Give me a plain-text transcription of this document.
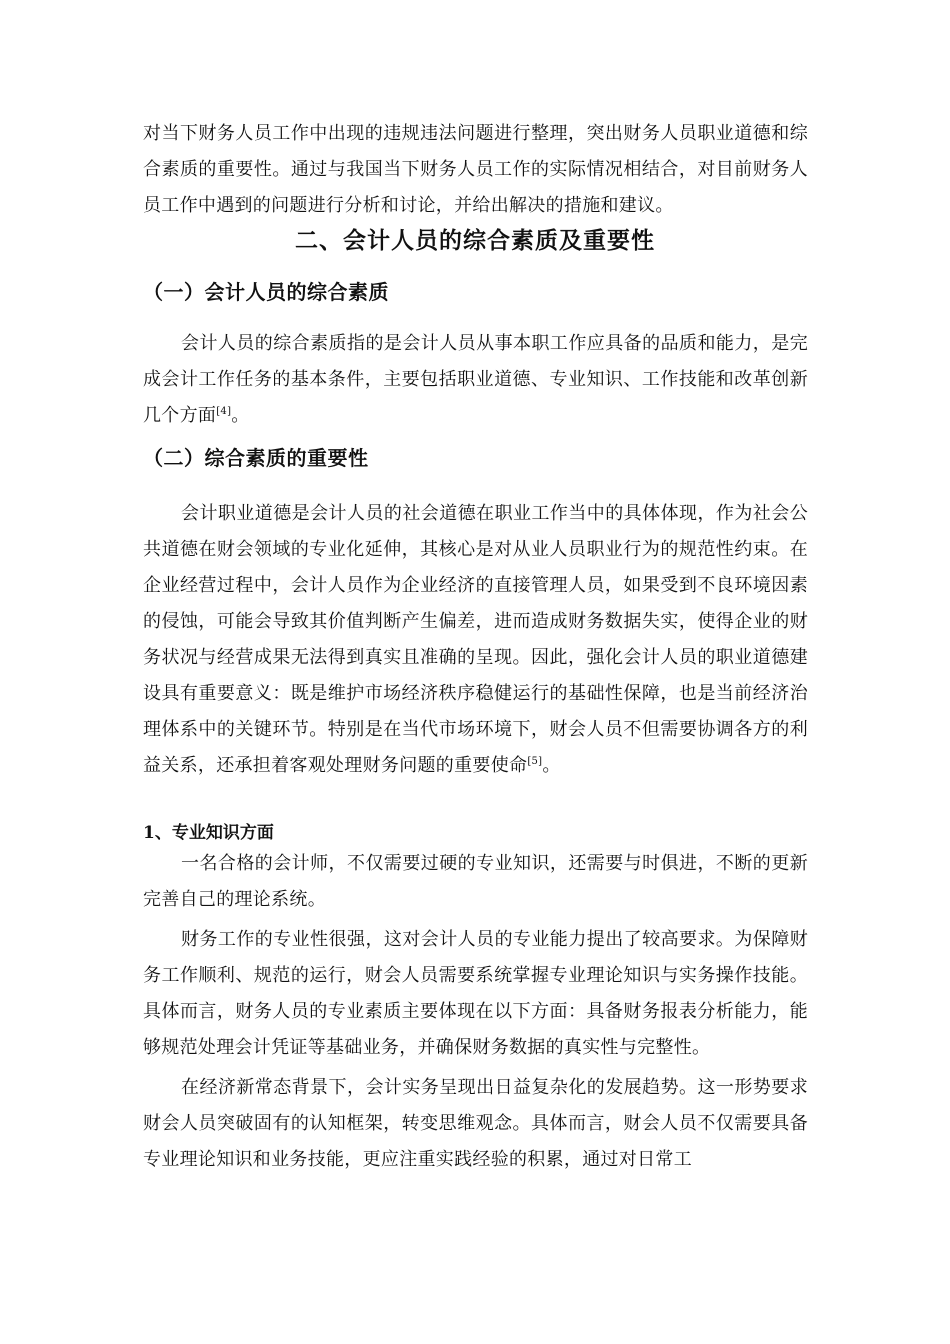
对当下财务人员工作中出现的违规违法问题进行整理，突出财务人员职业道德和综合素质的重要性。通过与我国当下财务人员工作的实际情况相结合，对目前财务人员工作中遇到的问题进行分析和讨论，并给出解决的措施和建议。

二、会计人员的综合素质及重要性
（一）会计人员的综合素质

会计人员的综合素质指的是会计人员从事本职工作应具备的品质和能力，是完成会计工作任务的基本条件，主要包括职业道德、专业知识、工作技能和改革创新几个方面[4]。

（二）综合素质的重要性

会计职业道德是会计人员的社会道德在职业工作当中的具体体现，作为社会公共道德在财会领域的专业化延伸，其核心是对从业人员职业行为的规范性约束。在企业经营过程中，会计人员作为企业经济的直接管理人员，如果受到不良环境因素的侵蚀，可能会导致其价值判断产生偏差，进而造成财务数据失实，使得企业的财务状况与经营成果无法得到真实且准确的呈现。因此，强化会计人员的职业道德建设具有重要意义：既是维护市场经济秩序稳健运行的基础性保障，也是当前经济治理体系中的关键环节。特别是在当代市场环境下，财会人员不但需要协调各方的利益关系，还承担着客观处理财务问题的重要使命[5]。

1、专业知识方面

一名合格的会计师，不仅需要过硬的专业知识，还需要与时俱进，不断的更新完善自己的理论系统。

财务工作的专业性很强，这对会计人员的专业能力提出了较高要求。为保障财务工作顺利、规范的运行，财会人员需要系统掌握专业理论知识与实务操作技能。具体而言，财务人员的专业素质主要体现在以下方面：具备财务报表分析能力，能够规范处理会计凭证等基础业务，并确保财务数据的真实性与完整性。

在经济新常态背景下，会计实务呈现出日益复杂化的发展趋势。这一形势要求财会人员突破固有的认知框架，转变思维观念。具体而言，财会人员不仅需要具备专业理论知识和业务技能，更应注重实践经验的积累，通过对日常工
